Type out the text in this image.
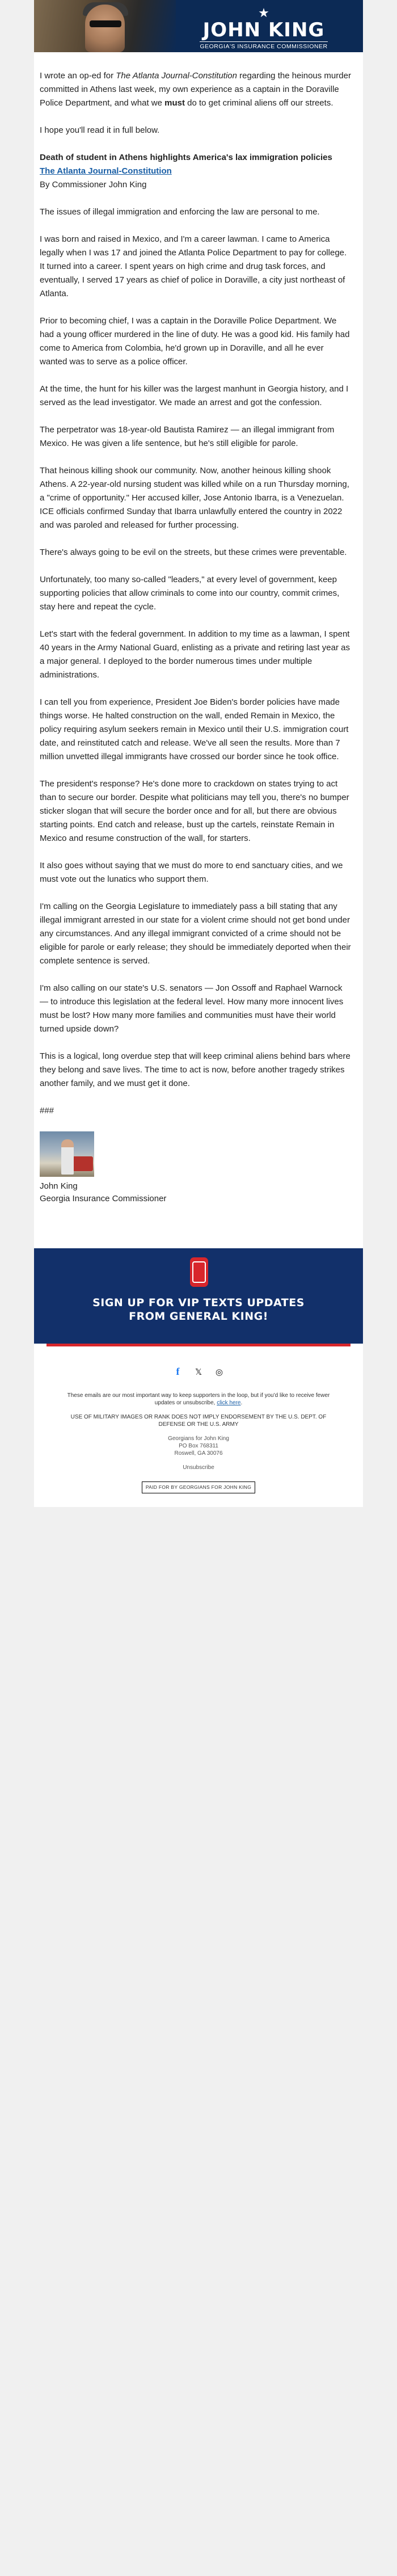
★
JOHN KING
GEORGIA'S INSURANCE COMMISSIONER

I wrote an op-ed for The Atlanta Journal-Constitution regarding the heinous murder committed in Athens last week, my own experience as a captain in the Doraville Police Department, and what we must do to get criminal aliens off our streets.

I hope you'll read it in full below.

Death of student in Athens highlights America's lax immigration policies

The Atlanta Journal-Constitution
By Commissioner John King

The issues of illegal immigration and enforcing the law are personal to me.

I was born and raised in Mexico, and I'm a career lawman. I came to America legally when I was 17 and joined the Atlanta Police Department to pay for college. It turned into a career. I spent years on high crime and drug task forces, and eventually, I served 17 years as chief of police in Doraville, a city just northeast of Atlanta.

Prior to becoming chief, I was a captain in the Doraville Police Department. We had a young officer murdered in the line of duty. He was a good kid. His family had come to America from Colombia, he'd grown up in Doraville, and all he ever wanted was to serve as a police officer.

At the time, the hunt for his killer was the largest manhunt in Georgia history, and I served as the lead investigator. We made an arrest and got the confession.

The perpetrator was 18-year-old Bautista Ramirez — an illegal immigrant from Mexico. He was given a life sentence, but he's still eligible for parole.

That heinous killing shook our community. Now, another heinous killing shook Athens. A 22-year-old nursing student was killed while on a run Thursday morning, a "crime of opportunity." Her accused killer, Jose Antonio Ibarra, is a Venezuelan. ICE officials confirmed Sunday that Ibarra unlawfully entered the country in 2022 and was paroled and released for further processing.

There's always going to be evil on the streets, but these crimes were preventable.

Unfortunately, too many so-called "leaders," at every level of government, keep supporting policies that allow criminals to come into our country, commit crimes, stay here and repeat the cycle.

Let's start with the federal government. In addition to my time as a lawman, I spent 40 years in the Army National Guard, enlisting as a private and retiring last year as a major general. I deployed to the border numerous times under multiple administrations.

I can tell you from experience, President Joe Biden's border policies have made things worse. He halted construction on the wall, ended Remain in Mexico, the policy requiring asylum seekers remain in Mexico until their U.S. immigration court date, and reinstituted catch and release. We've all seen the results. More than 7 million unvetted illegal immigrants have crossed our border since he took office.

The president's response? He's done more to crackdown on states trying to act than to secure our border. Despite what politicians may tell you, there's no bumper sticker slogan that will secure the border once and for all, but there are obvious starting points. End catch and release, bust up the cartels, reinstate Remain in Mexico and resume construction of the wall, for starters.

It also goes without saying that we must do more to end sanctuary cities, and we must vote out the lunatics who support them.

I'm calling on the Georgia Legislature to immediately pass a bill stating that any illegal immigrant arrested in our state for a violent crime should not get bond under any circumstances. And any illegal immigrant convicted of a crime should not be eligible for parole or early release; they should be immediately deported when their complete sentence is served.

I'm also calling on our state's U.S. senators — Jon Ossoff and Raphael Warnock — to introduce this legislation at the federal level. How many more innocent lives must be lost? How many more families and communities must have their world turned upside down?

This is a logical, long overdue step that will keep criminal aliens behind bars where they belong and save lives. The time to act is now, before another tragedy strikes another family, and we must get it done.

###

John King
Georgia Insurance Commissioner
SIGN UP FOR VIP TEXTS UPDATES
FROM GENERAL KING!
f 𝕏 ◎

These emails are our most important way to keep supporters in the loop, but if you'd like to receive fewer updates or unsubscribe, click here.

USE OF MILITARY IMAGES OR RANK DOES NOT IMPLY ENDORSEMENT BY THE U.S. DEPT. OF DEFENSE OR THE U.S. ARMY

Georgians for John King
PO Box 768311
Roswell, GA 30076

Unsubscribe

PAID FOR BY GEORGIANS FOR JOHN KING
